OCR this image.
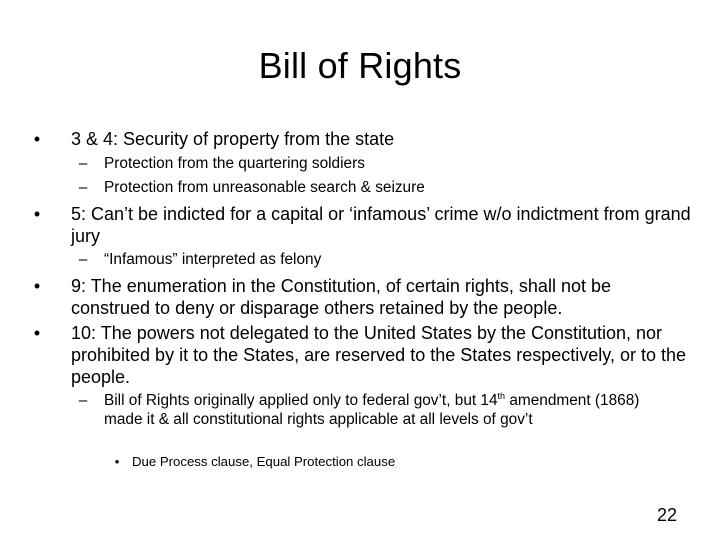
Bill of Rights
• 3 & 4: Security of property from the state
– Protection from the quartering soldiers
– Protection from unreasonable search & seizure
• 5: Can’t be indicted for a capital or ‘infamous’ crime w/o indictment from grand jury
– “Infamous” interpreted as felony
• 9: The enumeration in the Constitution, of certain rights, shall not be construed to deny or disparage others retained by the people.
• 10: The powers not delegated to the United States by the Constitution, nor prohibited by it to the States, are reserved to the States respectively, or to the people.
– Bill of Rights originally applied only to federal gov’t, but 14th amendment (1868) made it & all constitutional rights applicable at all levels of gov’t
• Due Process clause, Equal Protection clause
22
